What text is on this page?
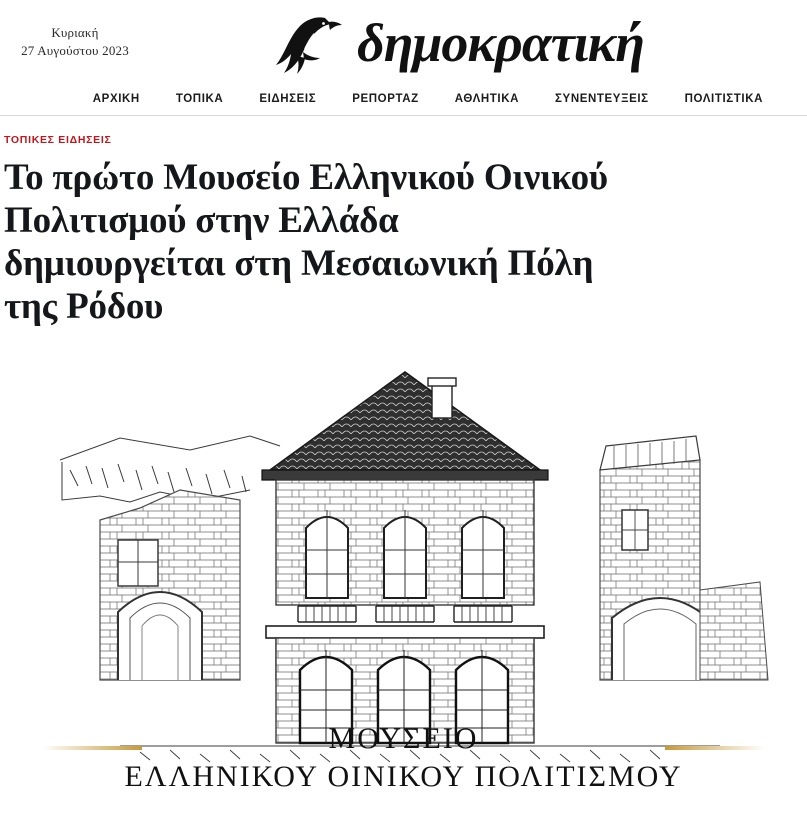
Κυριακή
27 Αυγούστου 2023	δημοκρατική
ΑΡΧΙΚΗ	ΤΟΠΙΚΑ	ΕΙΔΗΣΕΙΣ	ΡΕΠΟΡΤΑΖ	ΑΘΛΗΤΙΚΑ	ΣΥΝΕΝΤΕΥΞΕΙΣ	ΠΟΛΙΤΙΣΤΙΚΑ
ΤΟΠΙΚΕΣ ΕΙΔΗΣΕΙΣ
Το πρώτο Μουσείο Ελληνικού Οινικού Πολιτισμού στην Ελλάδα δημιουργείται στη Μεσαιωνική Πόλη της Ρόδου
ΜΟΥΣΕΙΟ
ΕΛΛΗΝΙΚΟΥ ΟΙΝΙΚΟΥ ΠΟΛΙΤΙΣΜΟΥ
